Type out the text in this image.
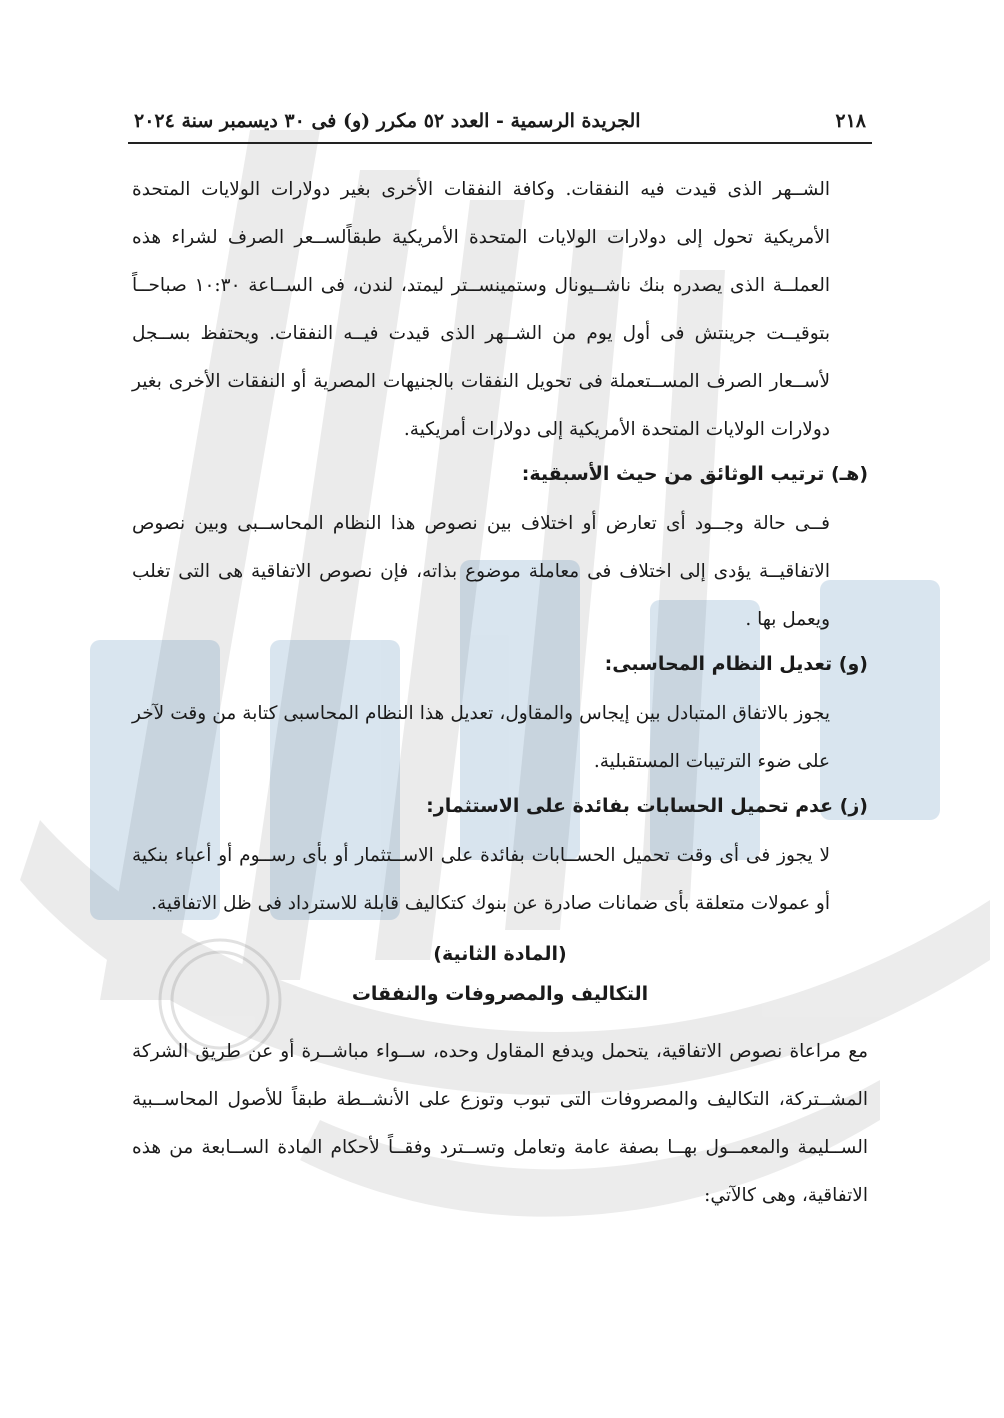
٢١٨
الجريدة الرسمية - العدد ٥٢ مكرر (و) فى ٣٠ ديسمبر سنة ٢٠٢٤

الشــهر الذى قيدت فيه النفقات. وكافة النفقات الأخرى بغير دولارات الولايات المتحدة الأمريكية تحول إلى دولارات الولايات المتحدة الأمريكية طبقاًلســعر الصرف لشراء هذه العملــة الذى يصدره بنك ناشــيونال وستمينســتر ليمتد، لندن، فى الســاعة ١٠:٣٠ صباحــاً بتوقيــت جرينتش فى أول يوم من الشــهر الذى قيدت فيــه النفقات. ويحتفظ بســجل لأســعار الصرف المســتعملة فى تحويل النفقات بالجنيهات المصرية أو النفقات الأخرى بغير دولارات الولايات المتحدة الأمريكية إلى دولارات أمريكية.

(هـ) ترتيب الوثائق من حيث الأسبقية:

فــى حالة وجــود أى تعارض أو اختلاف بين نصوص هذا النظام المحاســبى وبين نصوص الاتفاقيــة يؤدى إلى اختلاف فى معاملة موضوع بذاته، فإن نصوص الاتفاقية هى التى تغلب ويعمل بها .

(و) تعديل النظام المحاسبى:

يجوز بالاتفاق المتبادل بين إيجاس والمقاول، تعديل هذا النظام المحاسبى كتابة من وقت لآخر على ضوء الترتيبات المستقبلية.

(ز) عدم تحميل الحسابات بفائدة على الاستثمار:

لا يجوز فى أى وقت تحميل الحســابات بفائدة على الاســتثمار أو بأى رســوم أو أعباء بنكية أو عمولات متعلقة بأى ضمانات صادرة عن بنوك كتكاليف قابلة للاسترداد فى ظل الاتفاقية.

(المادة الثانية)
التكاليف والمصروفات والنفقات

مع مراعاة نصوص الاتفاقية، يتحمل ويدفع المقاول وحده، ســواء مباشــرة أو عن طريق الشركة المشــتركة، التكاليف والمصروفات التى تبوب وتوزع على الأنشــطة طبقاً للأصول المحاســبية الســليمة والمعمــول بهــا بصفة عامة وتعامل وتســترد وفقــاً لأحكام المادة الســابعة من هذه الاتفاقية، وهى كالآتي:
